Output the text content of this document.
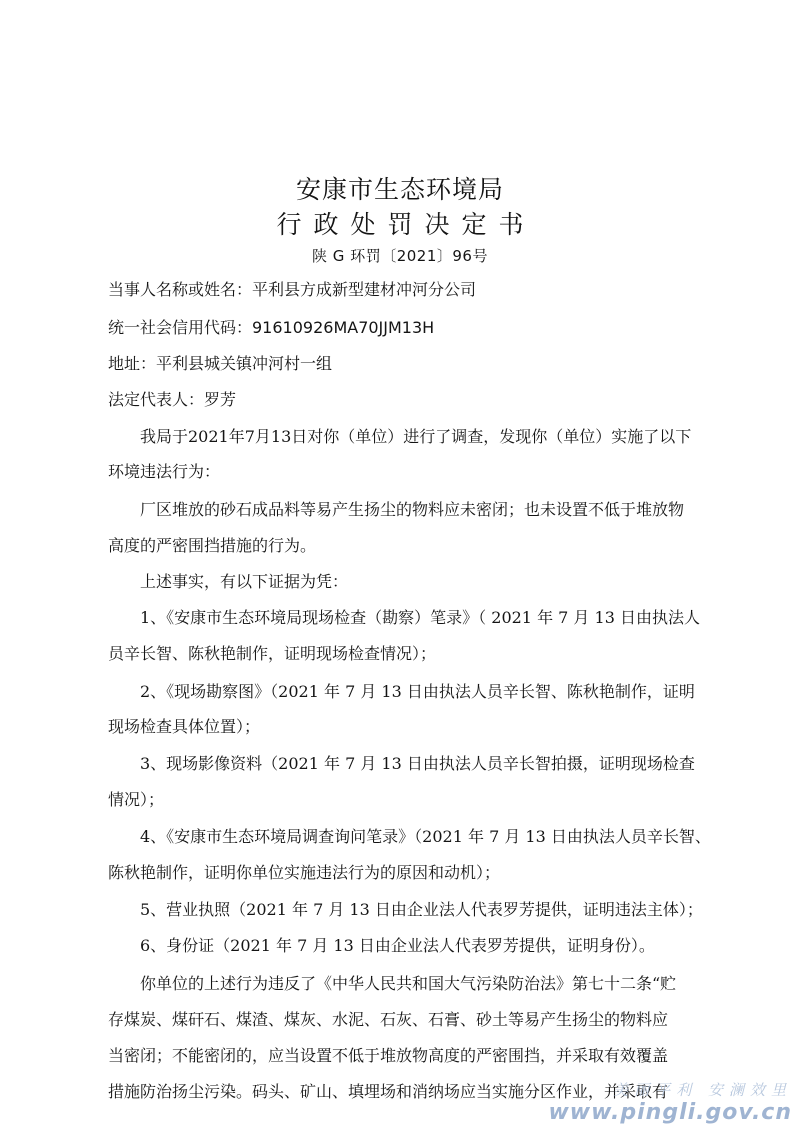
安康市生态环境局
行政处罚决定书
陕 G 环罚〔2021〕96号
当事人名称或姓名：平利县方成新型建材冲河分公司
统一社会信用代码：91610926MA70JJM13H
地址：平利县城关镇冲河村一组
法定代表人：罗芳
我局于2021年7月13日对你（单位）进行了调查，发现你（单位）实施了以下
环境违法行为：
厂区堆放的砂石成品料等易产生扬尘的物料应未密闭；也未设置不低于堆放物
高度的严密围挡措施的行为。
上述事实，有以下证据为凭：
1、《安康市生态环境局现场检查（勘察）笔录》（ 2021 年 7 月 13 日由执法人
员辛长智、陈秋艳制作，证明现场检查情况）；
2、《现场勘察图》（2021 年 7 月 13 日由执法人员辛长智、陈秋艳制作，证明
现场检查具体位置）；
3、现场影像资料（2021 年 7 月 13 日由执法人员辛长智拍摄，证明现场检查
情况）；
4、《安康市生态环境局调查询问笔录》（2021 年 7 月 13 日由执法人员辛长智、
陈秋艳制作，证明你单位实施违法行为的原因和动机）；
5、营业执照（2021 年 7 月 13 日由企业法人代表罗芳提供，证明违法主体）；
6、身份证（2021 年 7 月 13 日由企业法人代表罗芳提供，证明身份）。
你单位的上述行为违反了《中华人民共和国大气污染防治法》第七十二条“贮
存煤炭、煤矸石、煤渣、煤灰、水泥、石灰、石膏、砂土等易产生扬尘的物料应
当密闭；不能密闭的，应当设置不低于堆放物高度的严密围挡，并采取有效覆盖
措施防治扬尘污染。码头、矿山、填埋场和消纳场应当实施分区作业，并采取有
美丽平利 安澜效里
www.pingli.gov.cn
